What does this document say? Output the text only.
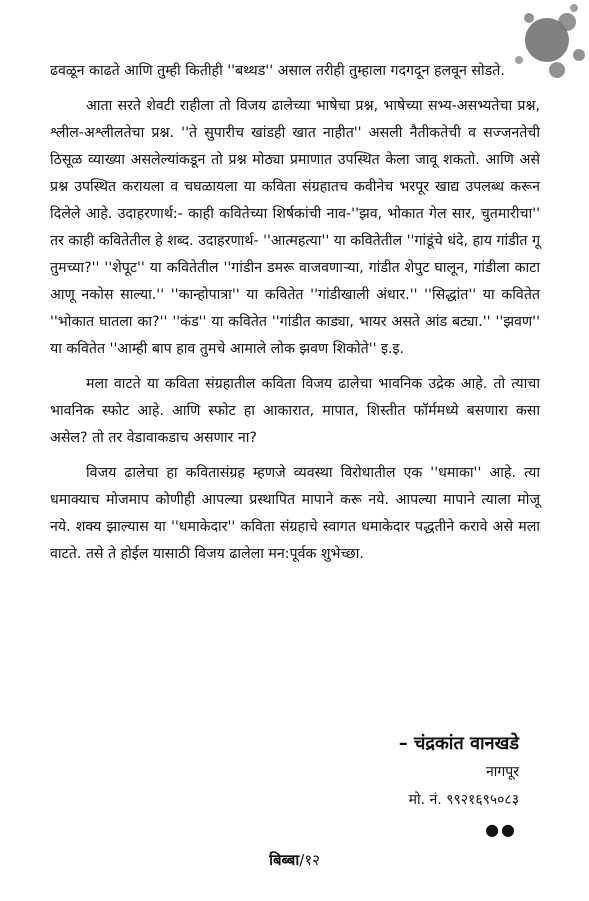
ढवळून काढते आणि तुम्ही कितीही ''बथ्थड'' असाल तरीही तुम्हाला गदगदून हलवून सोडते.

आता सरते शेवटी राहीला तो विजय ढालेच्या भाषेचा प्रश्न, भाषेच्या सभ्य-असभ्यतेचा प्रश्न, श्लील-अश्लीलतेचा प्रश्न. ''ते सुपारीच खांडही खात नाहीत'' असली नैतीकतेची व सज्जनतेची ठिसूळ व्याख्या असलेल्यांकडून तो प्रश्न मोठ्या प्रमाणात उपस्थित केला जावू शकतो. आणि असे प्रश्न उपस्थित करायला व चघळायला या कविता संग्रहातच कवीनेच भरपूर खाद्य उपलब्ध करून दिलेले आहे. उदाहरणार्थ:- काही कवितेच्या शिर्षकांची नाव-''झव, भोकात गेल सार, चुतमारीचा'' तर काही कवितेतील हे शब्द. उदाहरणार्थ- ''आत्महत्या'' या कवितेतील ''गांडूंचे धंदे, हाय गांडीत गू तुमच्या?'' ''शेपूट'' या कवितेतील ''गांडीन डमरू वाजवणाऱ्या, गांडीत शेपुट घालून, गांडीला काटा आणू नकोस साल्या.'' ''कान्होपात्रा'' या कवितेत ''गांडीखाली अंधार.'' ''सिद्धांत'' या कवितेत ''भोकात घातला का?'' ''कंड'' या कवितेत ''गांडीत काड्या, भायर असते आंड बट्या.'' ''झवण'' या कवितेत ''आम्ही बाप हाव तुमचे आमाले लोक झवण शिकोते'' इ.इ.

मला वाटते या कविता संग्रहातील कविता विजय ढालेचा भावनिक उद्रेक आहे. तो त्याचा भावनिक स्फोट आहे. आणि स्फोट हा आकारात, मापात, शिस्तीत फॉर्ममध्ये बसणारा कसा असेल? तो तर वेडावाकडाच असणार ना?

विजय ढालेचा हा कवितासंग्रह म्हणजे व्यवस्था विरोधातील एक ''धमाका'' आहे. त्या धमाक्याच मोजमाप कोणीही आपल्या प्रस्थापित मापाने करू नये. आपल्या मापाने त्याला मोजू नये. शक्य झाल्यास या ''धमाकेदार'' कविता संग्रहाचे स्वागत धमाकेदार पद्धतीने करावे असे मला वाटते. तसे ते होईल यासाठी विजय ढालेला मन:पूर्वक शुभेच्छा.

– चंद्रकांत वानखडे
नागपूर
मो. नं. ९९२१६९५०८३
●●
बिब्बा/१२
